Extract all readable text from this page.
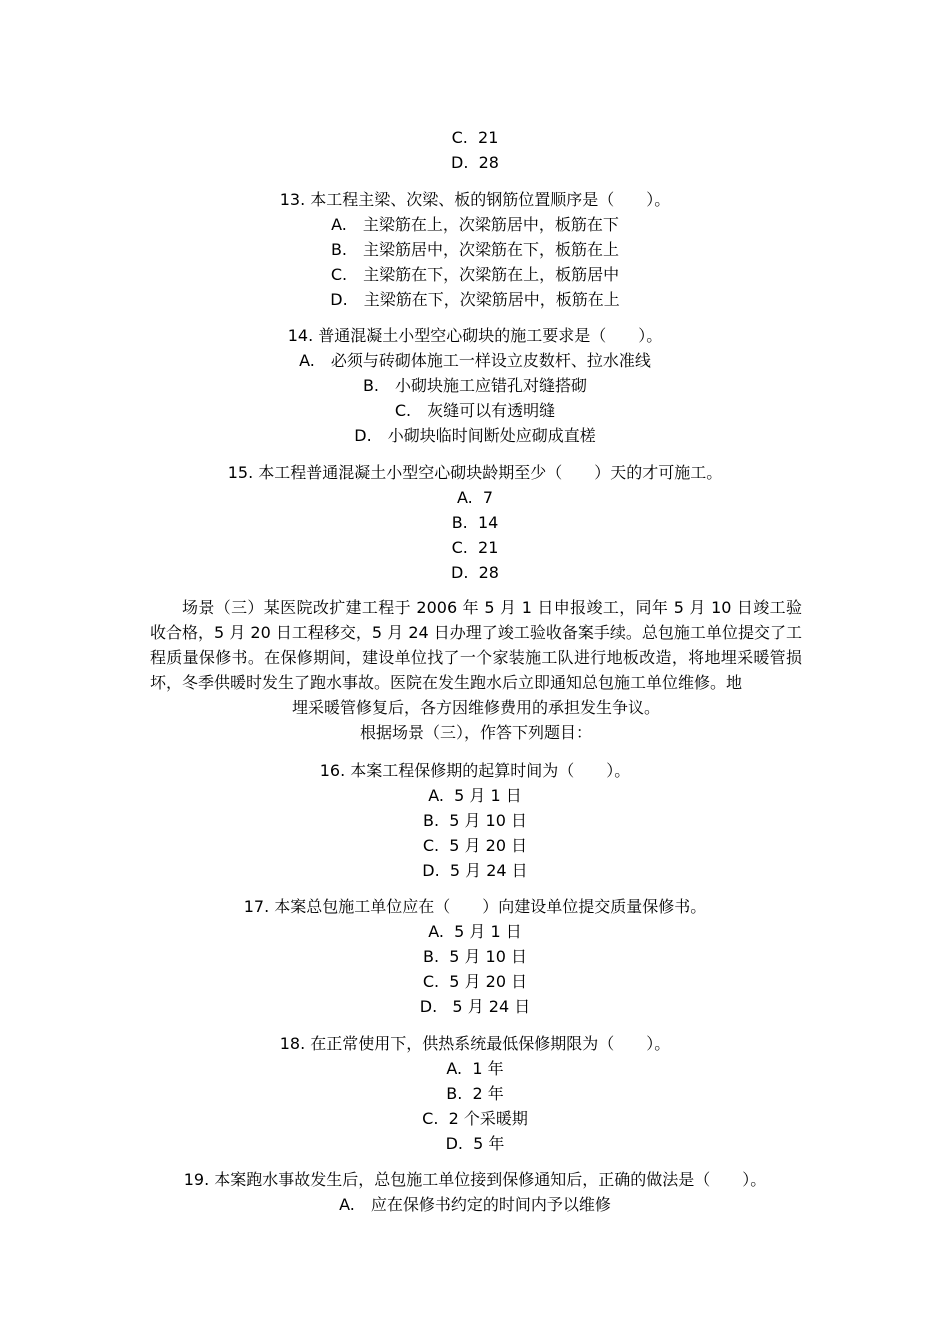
C.  21
D.  28
13. 本工程主梁、次梁、板的钢筋位置顺序是（　　）。
A.　主梁筋在上，次梁筋居中，板筋在下
B.　主梁筋居中，次梁筋在下，板筋在上
C.　主梁筋在下，次梁筋在上，板筋居中
D.　主梁筋在下，次梁筋居中，板筋在上
14. 普通混凝土小型空心砌块的施工要求是（　　）。
A.　必须与砖砌体施工一样设立皮数杆、拉水准线
B.　小砌块施工应错孔对缝搭砌
C.　灰缝可以有透明缝
D.　小砌块临时间断处应砌成直槎
15. 本工程普通混凝土小型空心砌块龄期至少（　　）天的才可施工。
A.  7
B.  14
C.  21
D.  28

场景（三）某医院改扩建工程于 2006 年 5 月 1 日申报竣工，同年 5 月 10 日竣工验收合格，5 月 20 日工程移交，5 月 24 日办理了竣工验收备案手续。总包施工单位提交了工程质量保修书。在保修期间，建设单位找了一个家装施工队进行地板改造，将地埋采暖管损坏，冬季供暖时发生了跑水事故。医院在发生跑水后立即通知总包施工单位维修。地

埋采暖管修复后，各方因维修费用的承担发生争议。

根据场景（三），作答下列题目：

16. 本案工程保修期的起算时间为（　　）。
A.  5 月 1 日
B.  5 月 10 日
C.  5 月 20 日
D.  5 月 24 日
17. 本案总包施工单位应在（　　）向建设单位提交质量保修书。
A.  5 月 1 日
B.  5 月 10 日
C.  5 月 20 日
D.   5 月 24 日
18. 在正常使用下，供热系统最低保修期限为（　　）。
A.  1 年
B.  2 年
C.  2 个采暖期
D.  5 年
19. 本案跑水事故发生后，总包施工单位接到保修通知后，正确的做法是（　　）。
A.　应在保修书约定的时间内予以维修
